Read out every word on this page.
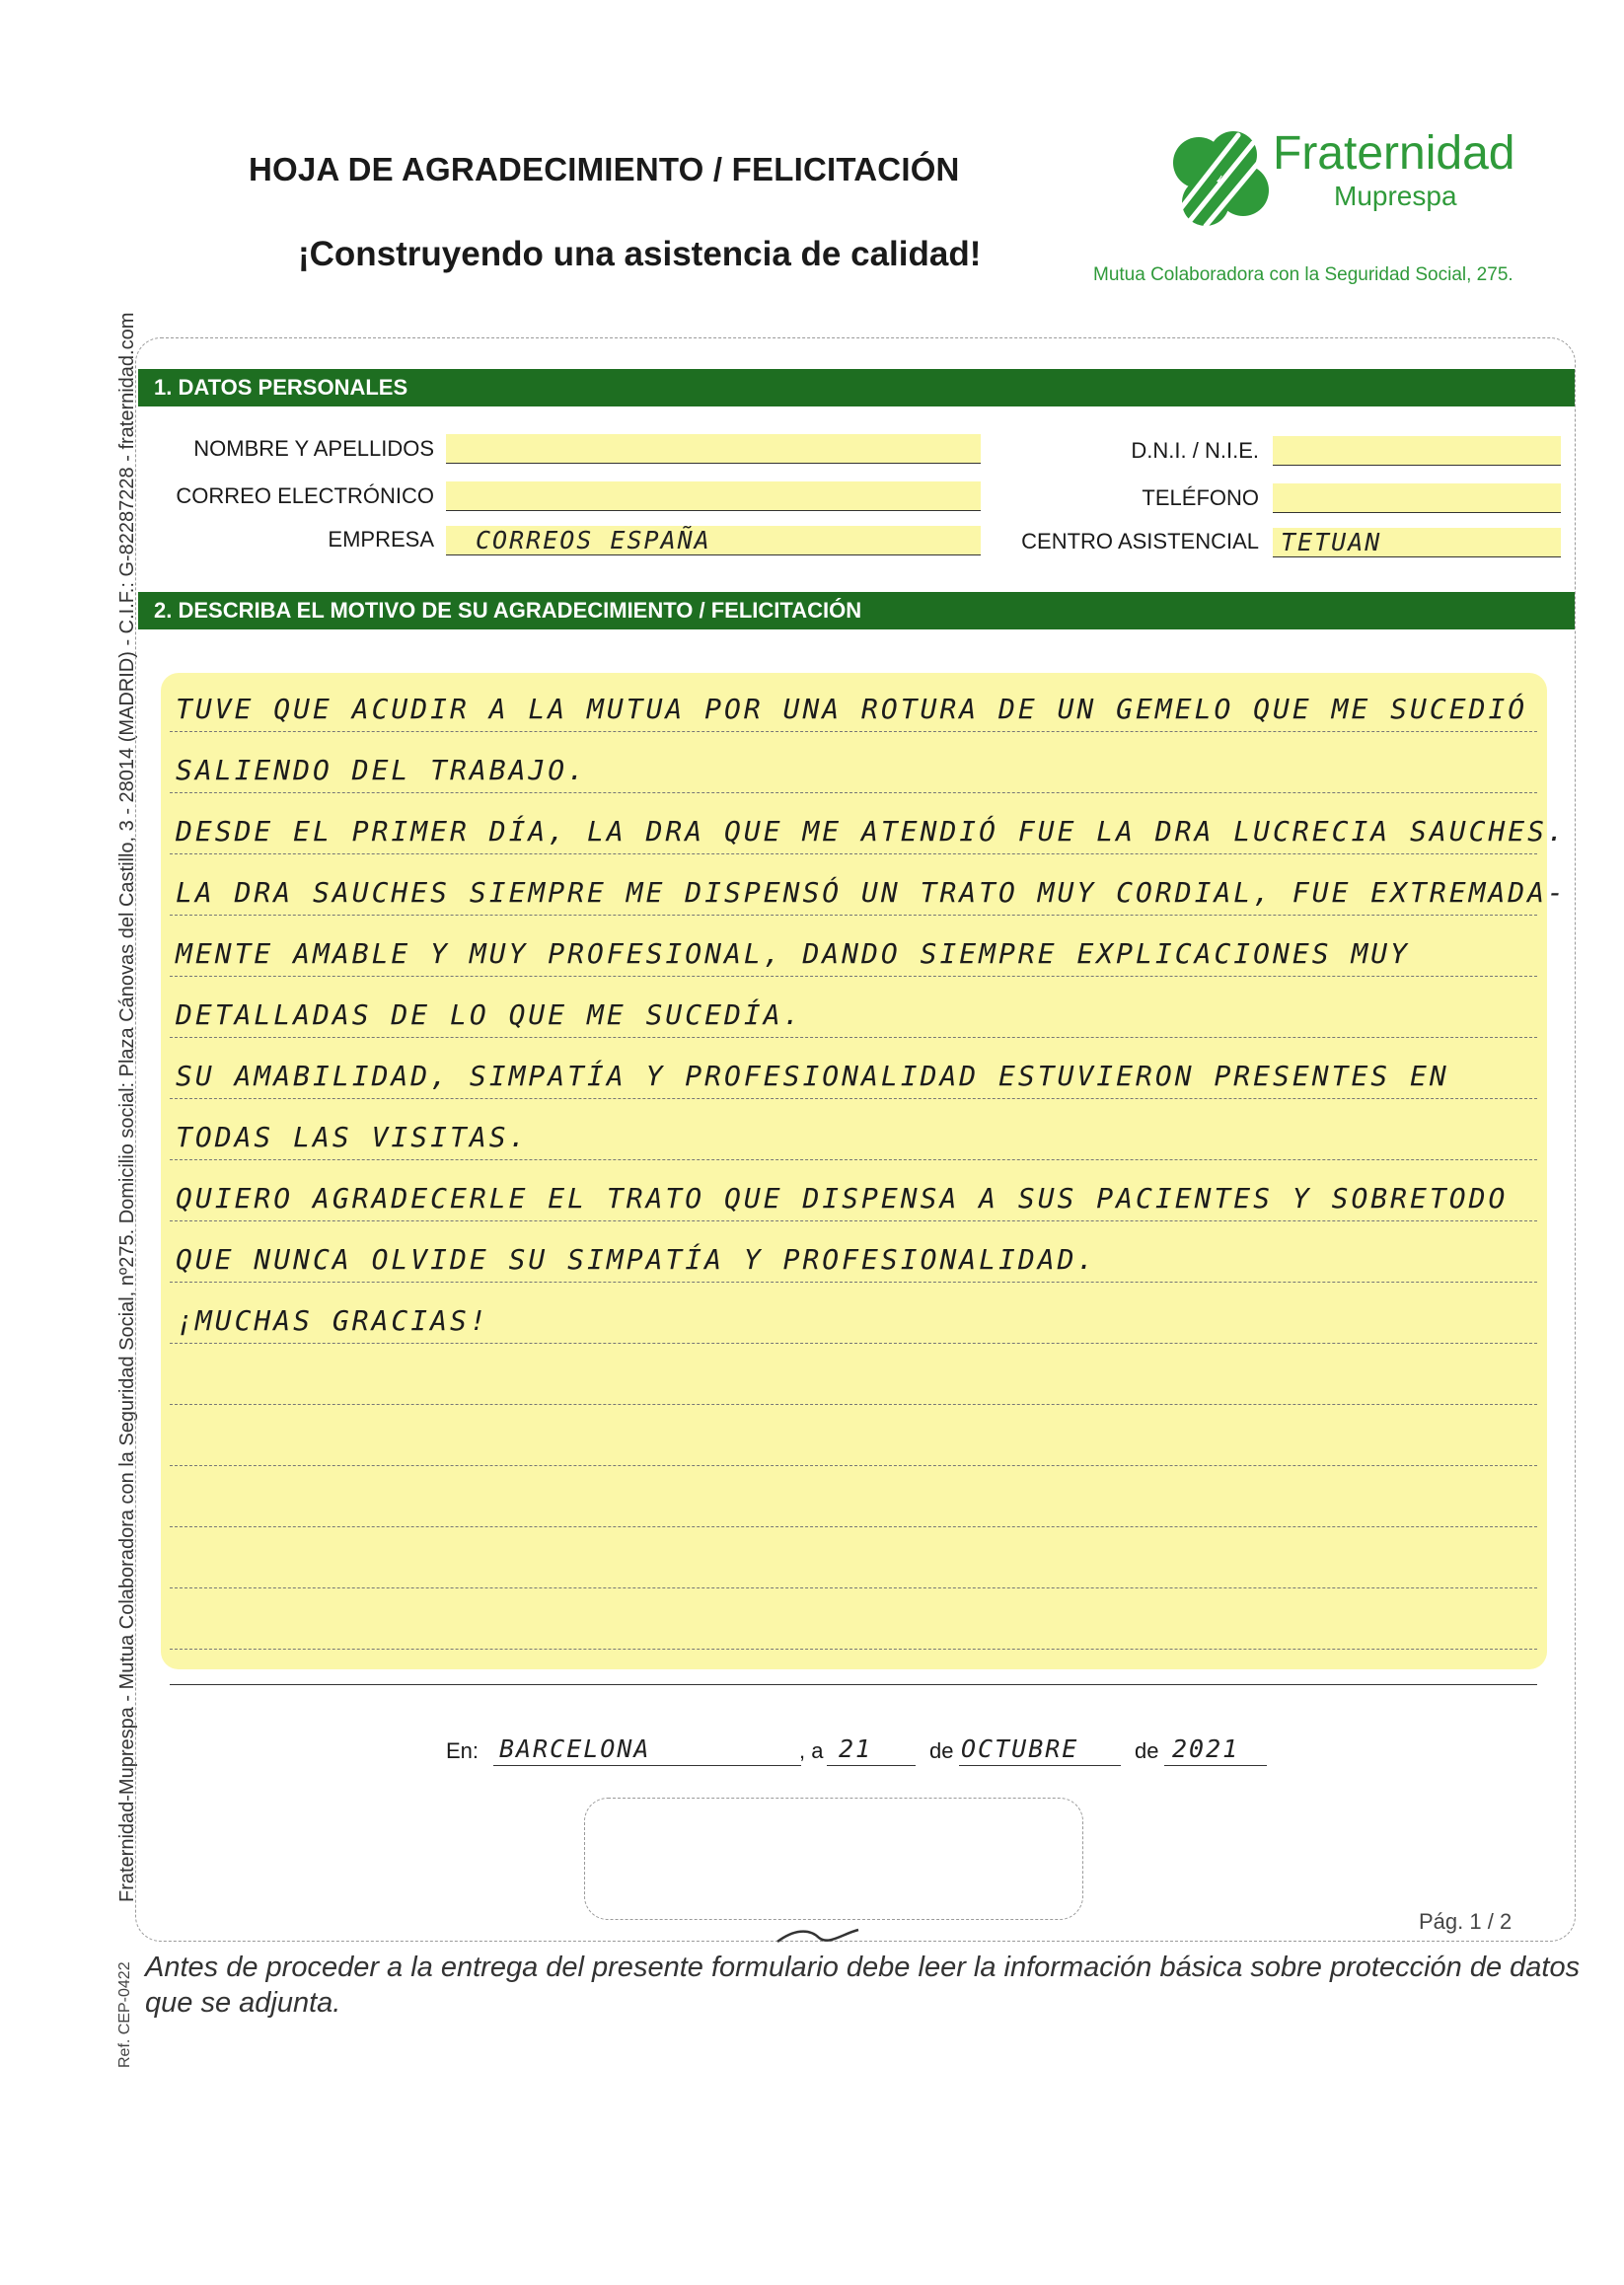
HOJA DE AGRADECIMIENTO / FELICITACIÓN
¡Construyendo una asistencia de calidad!
Fraternidad
Muprespa
Mutua Colaboradora con la Seguridad Social, 275.
Fraternidad-Muprespa - Mutua Colaboradora con la Seguridad Social, nº275. Domicilio social: Plaza Cánovas del Castillo, 3 - 28014 (MADRID) - C.I.F.: G-82287228 - fraternidad.com
Ref. CEP-0422
1. DATOS PERSONALES
NOMBRE Y APELLIDOS
CORREO ELECTRÓNICO
EMPRESA CORREOS ESPAÑA
D.N.I. / N.I.E.
TELÉFONO
CENTRO ASISTENCIAL TETUAN
2. DESCRIBA EL MOTIVO DE SU AGRADECIMIENTO / FELICITACIÓN
TUVE QUE ACUDIR A LA MUTUA POR UNA ROTURA DE UN GEMELO QUE ME SUCEDIÓ
SALIENDO DEL TRABAJO.
DESDE EL PRIMER DÍA, LA DRA QUE ME ATENDIÓ FUE LA DRA LUCRECIA SAUCHES.
LA DRA SAUCHES SIEMPRE ME DISPENSÓ UN TRATO MUY CORDIAL, FUE EXTREMADA-
MENTE AMABLE Y MUY PROFESIONAL, DANDO SIEMPRE EXPLICACIONES MUY
DETALLADAS DE LO QUE ME SUCEDÍA.
SU AMABILIDAD, SIMPATÍA Y PROFESIONALIDAD ESTUVIERON PRESENTES EN
TODAS LAS VISITAS.
QUIERO AGRADECERLE EL TRATO QUE DISPENSA A SUS PACIENTES Y SOBRETODO
QUE NUNCA OLVIDE SU SIMPATÍA Y PROFESIONALIDAD.
¡MUCHAS GRACIAS!
En: BARCELONA	, a 21	de OCTUBRE	de 2021
Pág. 1 / 2
Antes de proceder a la entrega del presente formulario debe leer la información básica sobre protección de datos que se adjunta.
